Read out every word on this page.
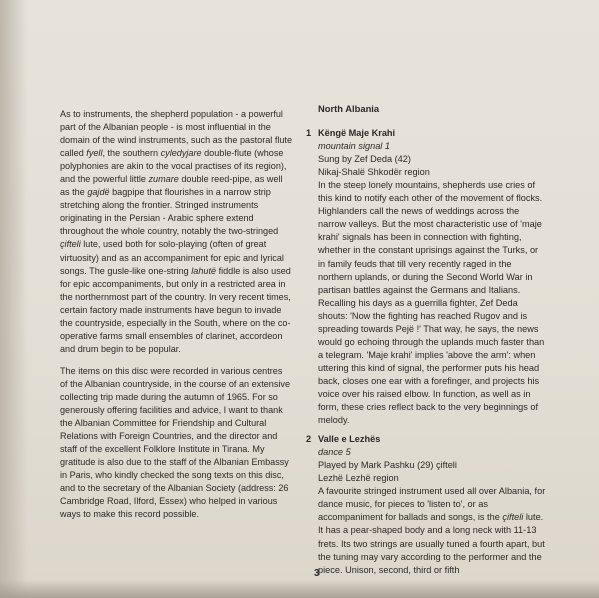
As to instruments, the shepherd population - a powerful part of the Albanian people - is most influential in the domain of the wind instruments, such as the pastoral flute called fyell, the southern cyledyjare double-flute (whose polyphonies are akin to the vocal practises of its region), and the powerful little zumare double reed-pipe, as well as the gajdë bagpipe that flourishes in a narrow strip stretching along the frontier. Stringed instruments originating in the Persian - Arabic sphere extend throughout the whole country, notably the two-stringed çifteli lute, used both for solo-playing (often of great virtuosity) and as an accompaniment for epic and lyrical songs. The gusle-like one-string lahutë fiddle is also used for epic accompaniments, but only in a restricted area in the northernmost part of the country. In very recent times, certain factory made instruments have begun to invade the countryside, especially in the South, where on the co-operative farms small ensembles of clarinet, accordeon and drum begin to be popular.

The items on this disc were recorded in various centres of the Albanian countryside, in the course of an extensive collecting trip made during the autumn of 1965. For so generously offering facilities and advice, I want to thank the Albanian Committee for Friendship and Cultural Relations with Foreign Countries, and the director and staff of the excellent Folklore Institute in Tirana. My gratitude is also due to the staff of the Albanian Embassy in Paris, who kindly checked the song texts on this disc, and to the secretary of the Albanian Society (address: 26 Cambridge Road, Ilford, Essex) who helped in various ways to make this record possible.

North Albania
1 Këngë Maje Krahi
mountain signal 1
Sung by Zef Deda (42)
Nikaj-Shalë Shkodër region
In the steep lonely mountains, shepherds use cries of this kind to notify each other of the movement of flocks. Highlanders call the news of weddings across the narrow valleys. But the most characteristic use of 'maje krahi' signals has been in connection with fighting, whether in the constant uprisings against the Turks, or in family feuds that till very recently raged in the northern uplands, or during the Second World War in partisan battles against the Germans and Italians. Recalling his days as a guerrilla fighter, Zef Deda shouts: 'Now the fighting has reached Rugov and is spreading towards Pejë !' That way, he says, the news would go echoing through the uplands much faster than a telegram. 'Maje krahi' implies 'above the arm': when uttering this kind of signal, the performer puts his head back, closes one ear with a forefinger, and projects his voice over his raised elbow. In function, as well as in form, these cries reflect back to the very beginnings of melody.
2 Valle e Lezhës
dance 5
Played by Mark Pashku (29) çifteli
Lezhë Lezhë region
A favourite stringed instrument used all over Albania, for dance music, for pieces to 'listen to', or as accompaniment for ballads and songs, is the çifteli lute. It has a pear-shaped body and a long neck with 11-13 frets. Its two strings are usually tuned a fourth apart, but the tuning may vary according to the performer and the piece. Unison, second, third or fifth
3
